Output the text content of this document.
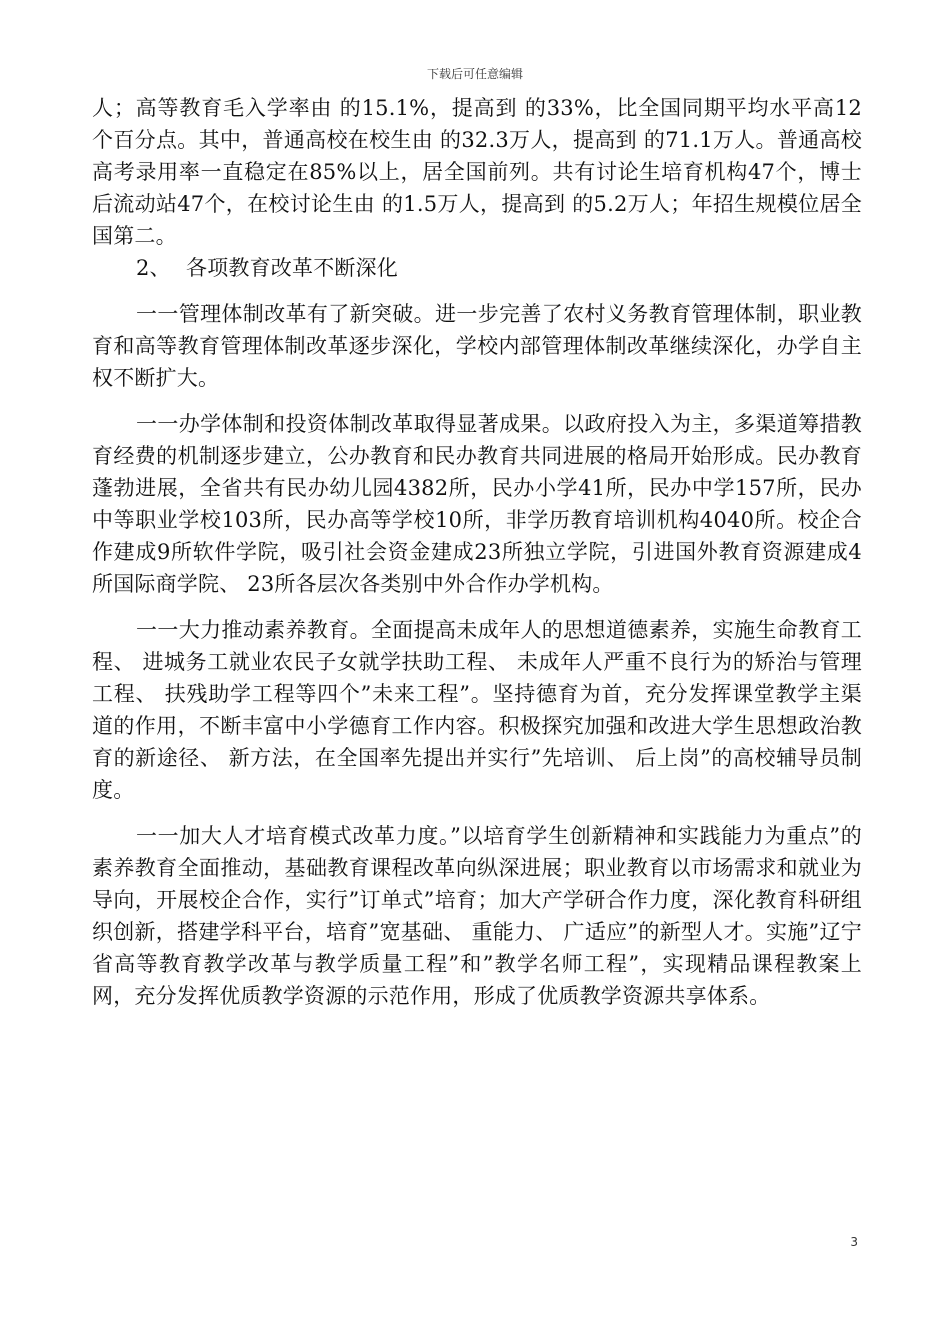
下载后可任意编辑

人；高等教育毛入学率由 的15.1%，提高到 的33%，比全国同期平均水平高12个百分点。其中，普通高校在校生由 的32.3万人，提高到 的71.1万人。普通高校高考录用率一直稳定在85%以上，居全国前列。共有讨论生培育机构47个，博士后流动站47个，在校讨论生由 的1.5万人，提高到 的5.2万人；年招生规模位居全国第二。

2、 各项教育改革不断深化

一一管理体制改革有了新突破。进一步完善了农村义务教育管理体制，职业教育和高等教育管理体制改革逐步深化，学校内部管理体制改革继续深化，办学自主权不断扩大。

一一办学体制和投资体制改革取得显著成果。以政府投入为主，多渠道筹措教育经费的机制逐步建立，公办教育和民办教育共同进展的格局开始形成。民办教育蓬勃进展，全省共有民办幼儿园4382所，民办小学41所，民办中学157所，民办中等职业学校103所，民办高等学校10所，非学历教育培训机构4040所。校企合作建成9所软件学院，吸引社会资金建成23所独立学院，引进国外教育资源建成4所国际商学院、 23所各层次各类别中外合作办学机构。

一一大力推动素养教育。全面提高未成年人的思想道德素养，实施生命教育工程、 进城务工就业农民子女就学扶助工程、 未成年人严重不良行为的矫治与管理工程、 扶残助学工程等四个”未来工程”。坚持德育为首，充分发挥课堂教学主渠道的作用，不断丰富中小学德育工作内容。积极探究加强和改进大学生思想政治教育的新途径、 新方法，在全国率先提出并实行”先培训、 后上岗”的高校辅导员制度。

一一加大人才培育模式改革力度。”以培育学生创新精神和实践能力为重点”的素养教育全面推动，基础教育课程改革向纵深进展；职业教育以市场需求和就业为导向，开展校企合作，实行”订单式”培育；加大产学研合作力度，深化教育科研组织创新，搭建学科平台，培育”宽基础、 重能力、 广适应”的新型人才。实施”辽宁省高等教育教学改革与教学质量工程”和”教学名师工程”，实现精品课程教案上网，充分发挥优质教学资源的示范作用，形成了优质教学资源共享体系。

3
